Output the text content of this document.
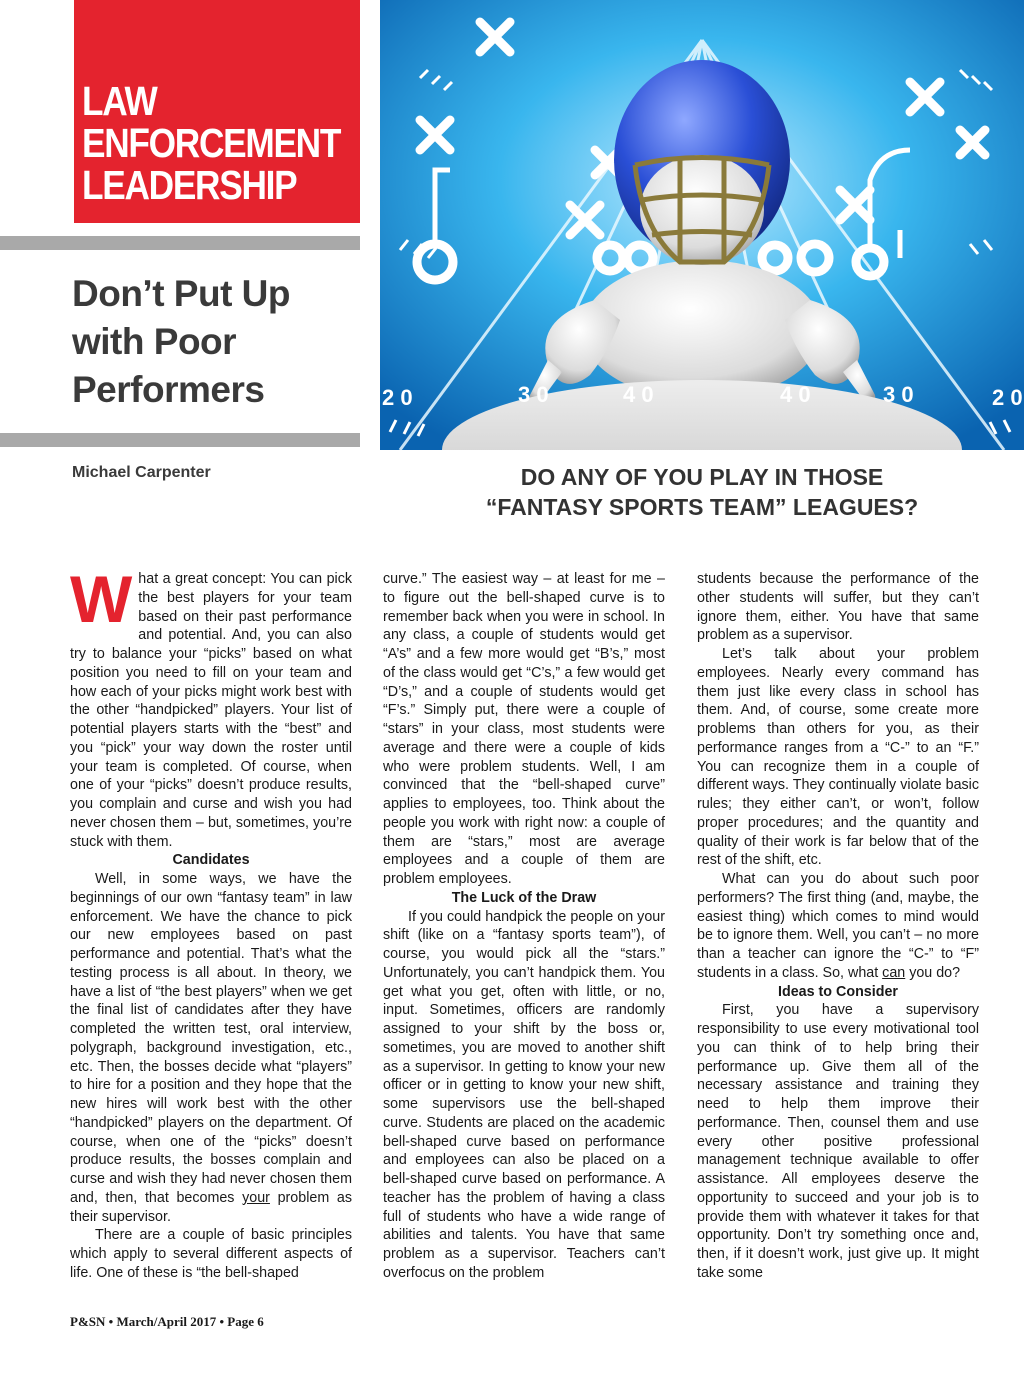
LAW
ENFORCEMENT
LEADERSHIP
Don’t Put Up
with Poor
Performers
Michael Carpenter
2 0	3 0	4 0	4 0	3 0	2 0
DO ANY OF YOU PLAY IN THOSE
“FANTASY SPORTS TEAM” LEAGUES?

What a great concept: You can pick the best players for your team based on their past performance and potential. And, you can also try to balance your “picks” based on what position you need to fill on your team and how each of your picks might work best with the other “handpicked” players. Your list of potential players starts with the “best” and you “pick” your way down the roster until your team is completed. Of course, when one of your “picks” doesn’t produce results, you complain and curse and wish you had never chosen them – but, sometimes, you’re stuck with them.

Candidates

Well, in some ways, we have the beginnings of our own “fantasy team” in law enforcement. We have the chance to pick our new employees based on past performance and potential. That’s what the testing process is all about. In theory, we have a list of “the best players” when we get the final list of candidates after they have completed the written test, oral interview, polygraph, background investigation, etc., etc. Then, the bosses decide what “players” to hire for a position and they hope that the new hires will work best with the other “handpicked” players on the department. Of course, when one of the “picks” doesn’t produce results, the bosses complain and curse and wish they had never chosen them and, then, that becomes your problem as their supervisor.

There are a couple of basic principles which apply to several different aspects of life. One of these is “the bell-shaped

curve.” The easiest way – at least for me – to figure out the bell-shaped curve is to remember back when you were in school. In any class, a couple of students would get “A’s” and a few more would get “B’s,” most of the class would get “C’s,” a few would get “D’s,” and a couple of students would get “F’s.” Simply put, there were a couple of “stars” in your class, most students were average and there were a couple of kids who were problem students. Well, I am convinced that the “bell-shaped curve” applies to employees, too. Think about the people you work with right now: a couple of them are “stars,” most are average employees and a couple of them are problem employees.

The Luck of the Draw

If you could handpick the people on your shift (like on a “fantasy sports team”), of course, you would pick all the “stars.” Unfortunately, you can’t handpick them. You get what you get, often with little, or no, input. Sometimes, officers are randomly assigned to your shift by the boss or, sometimes, you are moved to another shift as a supervisor. In getting to know your new officer or in getting to know your new shift, some supervisors use the bell-shaped curve. Students are placed on the academic bell-shaped curve based on performance and employees can also be placed on a bell-shaped curve based on performance. A teacher has the problem of having a class full of students who have a wide range of abilities and talents. You have that same problem as a supervisor. Teachers can’t overfocus on the problem

students because the performance of the other students will suffer, but they can’t ignore them, either. You have that same problem as a supervisor.

Let’s talk about your problem employees. Nearly every command has them just like every class in school has them. And, of course, some create more problems than others for you, as their performance ranges from a “C-” to an “F.” You can recognize them in a couple of different ways. They continually violate basic rules; they either can’t, or won’t, follow proper procedures; and the quantity and quality of their work is far below that of the rest of the shift, etc.

What can you do about such poor performers? The first thing (and, maybe, the easiest thing) which comes to mind would be to ignore them. Well, you can’t – no more than a teacher can ignore the “C-” to “F” students in a class. So, what can you do?

Ideas to Consider

First, you have a supervisory responsibility to use every motivational tool you can think of to help bring their performance up. Give them all of the necessary assistance and training they need to help them improve their performance. Then, counsel them and use every other positive professional management technique available to offer assistance. All employees deserve the opportunity to succeed and your job is to provide them with whatever it takes for that opportunity. Don’t try something once and, then, if it doesn’t work, just give up. It might take some

P&SN • March/April 2017 • Page 6
